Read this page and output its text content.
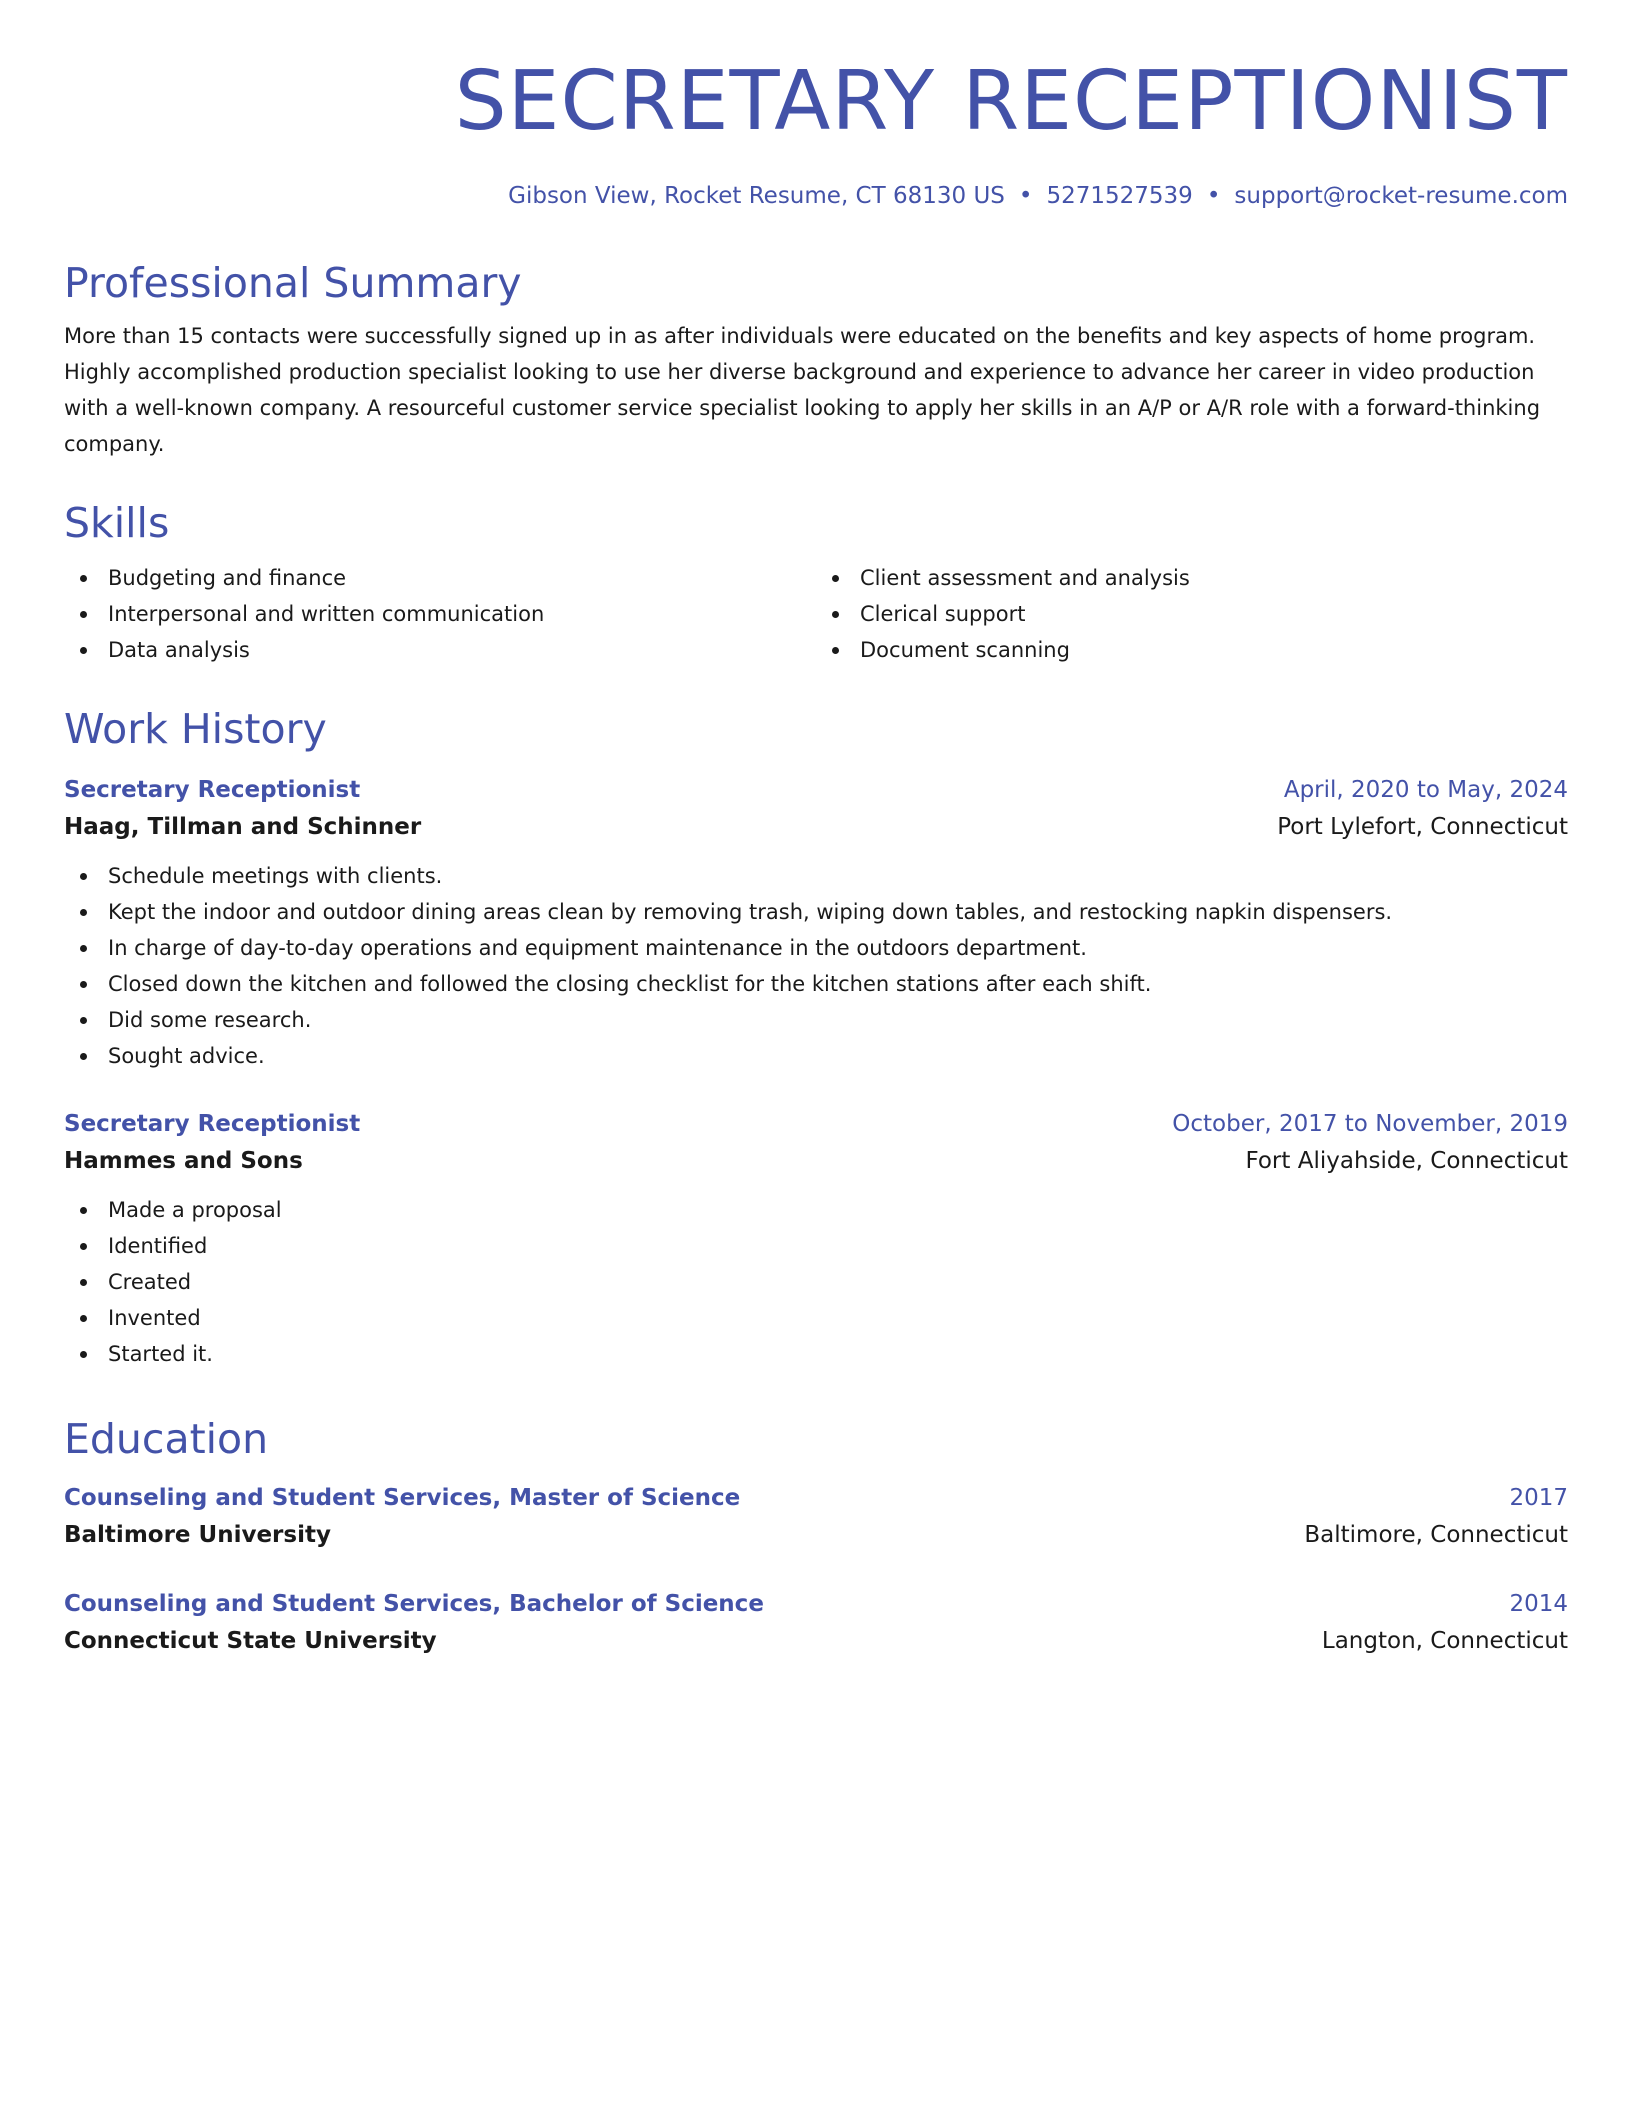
SECRETARY RECEPTIONIST
Gibson View, Rocket Resume, CT 68130 US • 5271527539 • support@rocket-resume.com
Professional Summary

More than 15 contacts were successfully signed up in as after individuals were educated on the benefits and key aspects of home program. Highly accomplished production specialist looking to use her diverse background and experience to advance her career in video production with a well-known company. A resourceful customer service specialist looking to apply her skills in an A/P or A/R role with a forward-thinking company.

Skills
Budgeting and finance
Interpersonal and written communication
Data analysis
Client assessment and analysis
Clerical support
Document scanning
Work History
Secretary Receptionist	April, 2020 to May, 2024
Haag, Tillman and Schinner	Port Lylefort, Connecticut
Schedule meetings with clients.
Kept the indoor and outdoor dining areas clean by removing trash, wiping down tables, and restocking napkin dispensers.
In charge of day-to-day operations and equipment maintenance in the outdoors department.
Closed down the kitchen and followed the closing checklist for the kitchen stations after each shift.
Did some research.
Sought advice.
Secretary Receptionist	October, 2017 to November, 2019
Hammes and Sons	Fort Aliyahside, Connecticut
Made a proposal
Identified
Created
Invented
Started it.
Education
Counseling and Student Services, Master of Science	2017
Baltimore University	Baltimore, Connecticut
Counseling and Student Services, Bachelor of Science	2014
Connecticut State University	Langton, Connecticut
